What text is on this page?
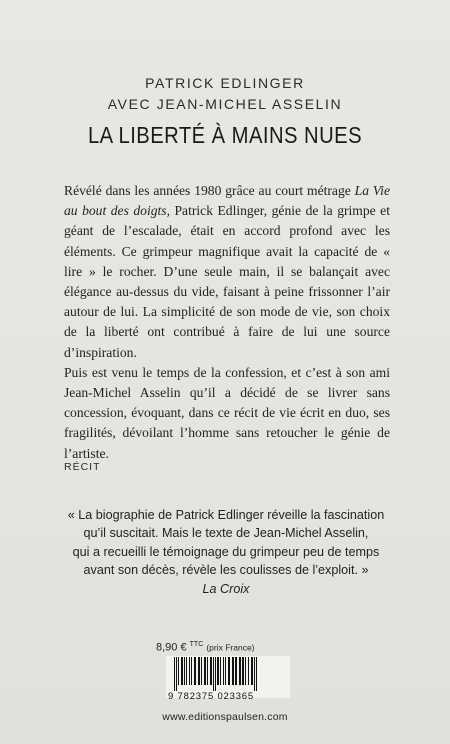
PATRICK EDLINGER
AVEC JEAN-MICHEL ASSELIN
LA LIBERTÉ À MAINS NUES

Révélé dans les années 1980 grâce au court métrage La Vie au bout des doigts, Patrick Edlinger, génie de la grimpe et géant de l’escalade, était en accord profond avec les éléments. Ce grimpeur magnifique avait la capacité de « lire » le rocher. D’une seule main, il se balançait avec élégance au-dessus du vide, faisant à peine frissonner l’air autour de lui. La simplicité de son mode de vie, son choix de la liberté ont contribué à faire de lui une source d’inspiration.

Puis est venu le temps de la confession, et c’est à son ami Jean-Michel Asselin qu’il a décidé de se livrer sans concession, évoquant, dans ce récit de vie écrit en duo, ses fragilités, dévoilant l’homme sans retoucher le génie de l’artiste.

RÉCIT
« La biographie de Patrick Edlinger réveille la fascination
qu’il suscitait. Mais le texte de Jean-Michel Asselin,
qui a recueilli le témoignage du grimpeur peu de temps
avant son décès, révèle les coulisses de l’exploit. »
La Croix
8,90 € $^{TTC}$ (prix France)
9 782375 023365
www.editionspaulsen.com
